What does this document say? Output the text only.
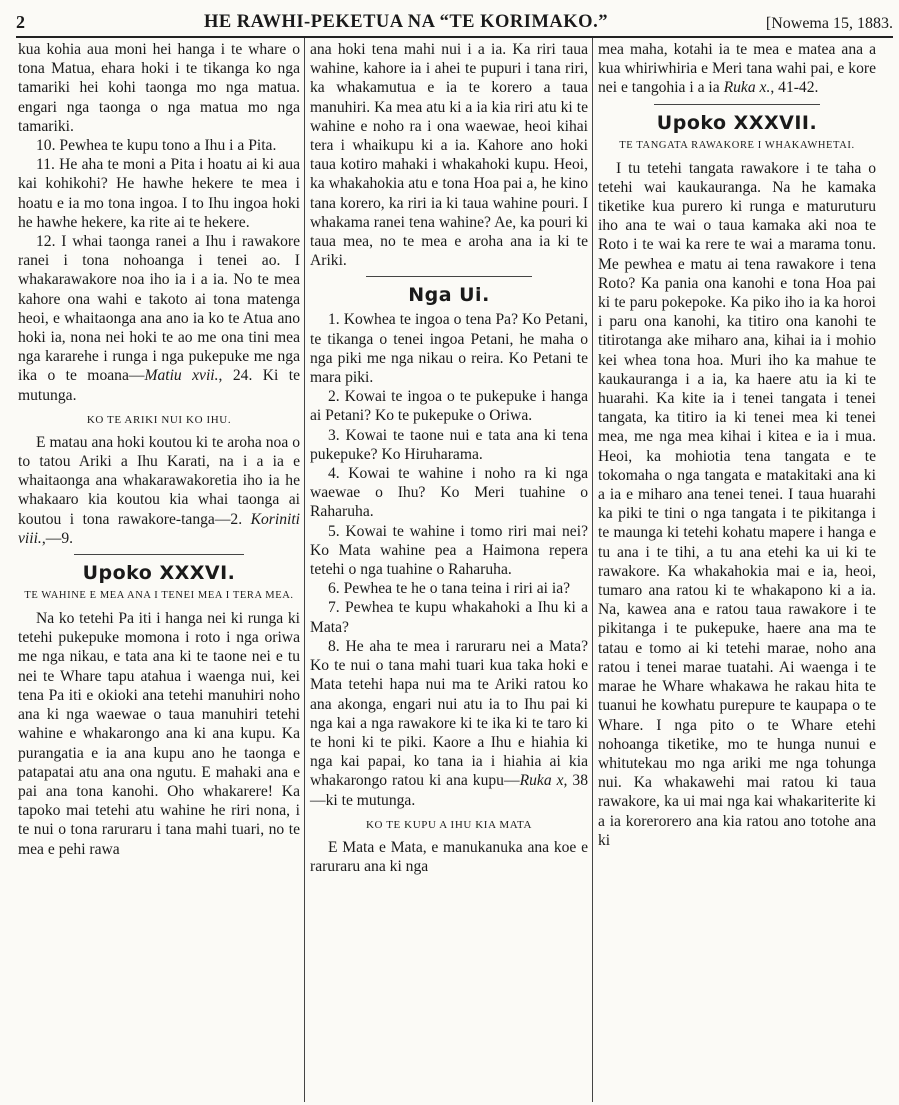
2	HE RAWHI-PEKETUA NA “TE KORIMAKO.”	[Nowema 15, 1883.

kua kohia aua moni hei hanga i te whare o tona Matua, ehara hoki i te tikanga ko nga tamariki hei kohi taonga mo nga matua. engari nga taonga o nga matua mo nga tamariki.

10. Pewhea te kupu tono a Ihu i a Pita.

11. He aha te moni a Pita i hoatu ai ki aua kai kohikohi? He hawhe hekere te mea i hoatu e ia mo tona ingoa. I to Ihu ingoa hoki he hawhe hekere, ka rite ai te hekere.

12. I whai taonga ranei a Ihu i rawakore ranei i tona nohoanga i tenei ao. I whakarawakore noa iho ia i a ia. No te mea kahore ona wahi e takoto ai tona matenga heoi, e whaitaonga ana ano ia ko te Atua ano hoki ia, nona nei hoki te ao me ona tini mea nga kararehe i runga i nga pukepuke me nga ika o te moana—Matiu xvii., 24. Ki te mutunga.

KO TE ARIKI NUI KO IHU.

E matau ana hoki koutou ki te aroha noa o to tatou Ariki a Ihu Karati, na i a ia e whaitaonga ana whakarawakoretia iho ia he whakaaro kia koutou kia whai taonga ai koutou i tona rawakore-tanga—2. Koriniti viii.,—9.

Upoko XXXVI.
TE WAHINE E MEA ANA I TENEI MEA I TERA MEA.

Na ko tetehi Pa iti i hanga nei ki runga ki tetehi pukepuke momona i roto i nga oriwa me nga nikau, e tata ana ki te taone nei e tu nei te Whare tapu atahua i waenga nui, kei tena Pa iti e okioki ana tetehi manuhiri noho ana ki nga waewae o taua manuhiri tetehi wahine e whakarongo ana ki ana kupu. Ka purangatia e ia ana kupu ano he taonga e patapatai atu ana ona ngutu. E mahaki ana e pai ana tona kanohi. Oho whakarere! Ka tapoko mai tetehi atu wahine he riri nona, i te nui o tona raruraru i tana mahi tuari, no te mea e pehi rawa

ana hoki tena mahi nui i a ia. Ka riri taua wahine, kahore ia i ahei te pupuri i tana riri, ka whakamutua e ia te korero a taua manuhiri. Ka mea atu ki a ia kia riri atu ki te wahine e noho ra i ona waewae, heoi kihai tera i whaikupu ki a ia. Kahore ano hoki taua kotiro mahaki i whakahoki kupu. Heoi, ka whakahokia atu e tona Hoa pai a, he kino tana korero, ka riri ia ki taua wahine pouri. I whakama ranei tena wahine? Ae, ka pouri ki taua mea, no te mea e aroha ana ia ki te Ariki.

Nga Ui.

1. Kowhea te ingoa o tena Pa? Ko Petani, te tikanga o tenei ingoa Petani, he maha o nga piki me nga nikau o reira. Ko Petani te mara piki.

2. Kowai te ingoa o te pukepuke i hanga ai Petani? Ko te pukepuke o Oriwa.

3. Kowai te taone nui e tata ana ki tena pukepuke? Ko Hiruharama.

4. Kowai te wahine i noho ra ki nga waewae o Ihu? Ko Meri tuahine o Raharuha.

5. Kowai te wahine i tomo riri mai nei? Ko Mata wahine pea a Haimona repera tetehi o nga tuahine o Raharuha.

6. Pewhea te he o tana teina i riri ai ia?

7. Pewhea te kupu whakahoki a Ihu ki a Mata?

8. He aha te mea i raruraru nei a Mata? Ko te nui o tana mahi tuari kua taka hoki e Mata tetehi hapa nui ma te Ariki ratou ko ana akonga, engari nui atu ia to Ihu pai ki nga kai a nga rawakore ki te ika ki te taro ki te honi ki te piki. Kaore a Ihu e hiahia ki nga kai papai, ko tana ia i hiahia ai kia whakarongo ratou ki ana kupu—Ruka x, 38—ki te mutunga.

KO TE KUPU A IHU KIA MATA

E Mata e Mata, e manukanuka ana koe e raruraru ana ki nga

mea maha, kotahi ia te mea e matea ana a kua whiriwhiria e Meri tana wahi pai, e kore nei e tangohia i a ia Ruka x., 41-42.

Upoko XXXVII.
TE TANGATA RAWAKORE I WHAKAWHETAI.

I tu tetehi tangata rawakore i te taha o tetehi wai kaukauranga. Na he kamaka tiketike kua purero ki runga e maturuturu iho ana te wai o taua kamaka aki noa te Roto i te wai ka rere te wai a marama tonu. Me pewhea e matu ai tena rawakore i tena Roto? Ka pania ona kanohi e tona Hoa pai ki te paru pokepoke. Ka piko iho ia ka horoi i paru ona kanohi, ka titiro ona kanohi te titirotanga ake miharo ana, kihai ia i mohio kei whea tona hoa. Muri iho ka mahue te kaukauranga i a ia, ka haere atu ia ki te huarahi. Ka kite ia i tenei tangata i tenei tangata, ka titiro ia ki tenei mea ki tenei mea, me nga mea kihai i kitea e ia i mua. Heoi, ka mohiotia tena tangata e te tokomaha o nga tangata e matakitaki ana ki a ia e miharo ana tenei tenei. I taua huarahi ka piki te tini o nga tangata i te pikitanga i te maunga ki tetehi kohatu mapere i hanga e tu ana i te tihi, a tu ana etehi ka ui ki te rawakore. Ka whakahokia mai e ia, heoi, tumaro ana ratou ki te whakapono ki a ia. Na, kawea ana e ratou taua rawakore i te pikitanga i te pukepuke, haere ana ma te tatau e tomo ai ki tetehi marae, noho ana ratou i tenei marae tuatahi. Ai waenga i te marae he Whare whakawa he rakau hita te tuanui he kowhatu purepure te kaupapa o te Whare. I nga pito o te Whare etehi nohoanga tiketike, mo te hunga nunui e whitutekau mo nga ariki me nga tohunga nui. Ka whakawehi mai ratou ki taua rawakore, ka ui mai nga kai whakariterite ki a ia korerorero ana kia ratou ano totohe ana ki
